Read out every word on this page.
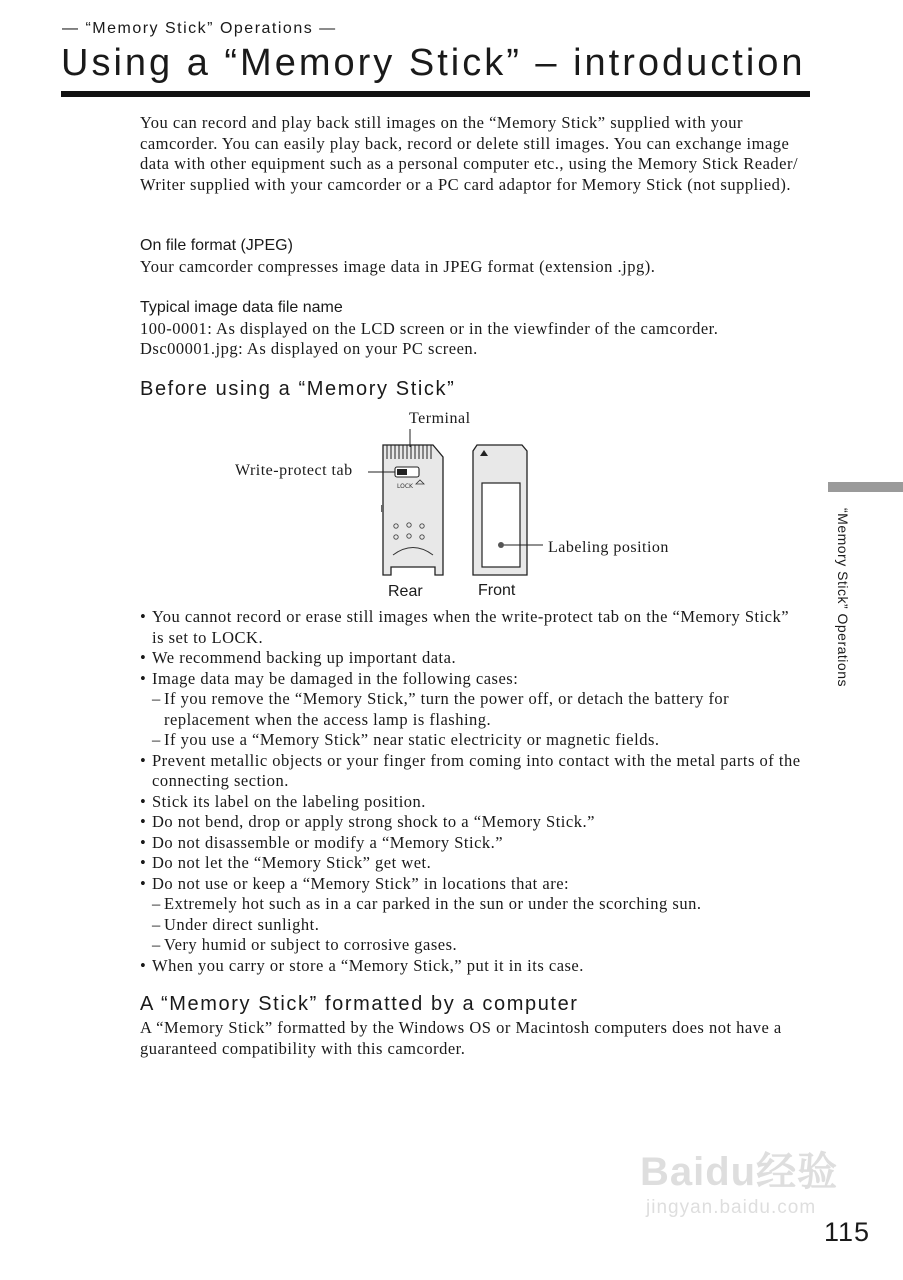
— “Memory Stick” Operations —
Using a “Memory Stick” – introduction

You can record and play back still images on the “Memory Stick” supplied with your camcorder. You can easily play back, record or delete still images. You can exchange image data with other equipment such as a personal computer etc., using the Memory Stick Reader/ Writer supplied with your camcorder or a PC card adaptor for Memory Stick (not supplied).

On file format (JPEG)

Your camcorder compresses image data in JPEG format (extension .jpg).

Typical image data file name

100-0001: As displayed on the LCD screen or in the viewfinder of the camcorder.

Dsc00001.jpg: As displayed on your PC screen.

Before using a “Memory Stick”
Terminal
Write-protect tab
Labeling position
Rear	Front
LOCK
• You cannot record or erase still images when the write-protect tab on the “Memory Stick” is set to LOCK.
• We recommend backing up important data.
• Image data may be damaged in the following cases:
– If you remove the “Memory Stick,” turn the power off, or detach the battery for replacement when the access lamp is flashing.
– If you use a “Memory Stick” near static electricity or magnetic fields.
• Prevent metallic objects or your finger from coming into contact with the metal parts of the connecting section.
• Stick its label on the labeling position.
• Do not bend, drop or apply strong shock to a “Memory Stick.”
• Do not disassemble or modify a “Memory Stick.”
• Do not let the “Memory Stick” get wet.
• Do not use or keep a “Memory Stick” in locations that are:
– Extremely hot such as in a car parked in the sun or under the scorching sun.
– Under direct sunlight.
– Very humid or subject to corrosive gases.
• When you carry or store a “Memory Stick,” put it in its case.
A “Memory Stick” formatted by a computer

A “Memory Stick” formatted by the Windows OS or Macintosh computers does not have a guaranteed compatibility with this camcorder.

“Memory Stick” Operations
Baidu经验
jingyan.baidu.com
115
